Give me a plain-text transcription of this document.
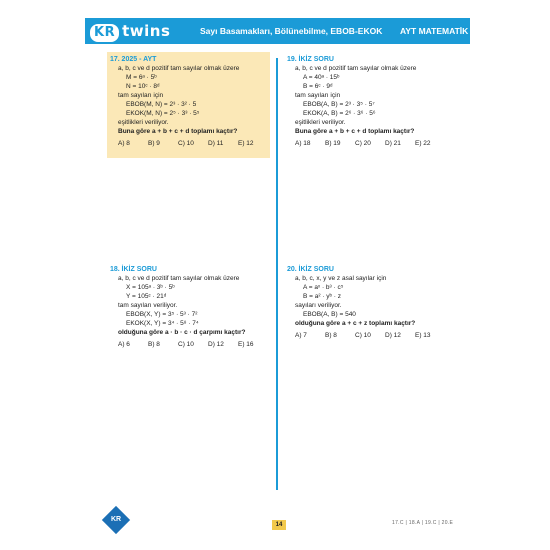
KR twins	Sayı Basamakları, Bölünebilme, EBOB-EKOK AYT MATEMATİK
17. 2025 - AYT
a, b, c ve d pozitif tam sayılar olmak üzere
M = 6ᵃ · 5ᵇ
N = 10ᶜ · 8ᵈ
tam sayıları için
EBOB(M, N) = 2³ · 3² · 5
EKOK(M, N) = 2⁵ · 3³ · 5⁵
eşitlikleri veriliyor.
Buna göre a + b + c + d toplamı kaçtır?
A) 8	B) 9	C) 10	D) 11	E) 12
19. İKİZ SORU
a, b, c ve d pozitif tam sayılar olmak üzere
A = 40ᵃ · 15ᵇ
B = 6ᶜ · 9ᵈ
tam sayıları için
EBOB(A, B) = 2³ · 3⁵ · 5⁷
EKOK(A, B) = 2⁶ · 3⁶ · 5⁶
eşitlikleri veriliyor.
Buna göre a + b + c + d toplamı kaçtır?
A) 18	B) 19	C) 20	D) 21	E) 22
18. İKİZ SORU
a, b, c ve d pozitif tam sayılar olmak üzere
X = 105ᵃ · 3ᵇ · 5ᵇ
Y = 105ᶜ · 21ᵈ
tam sayıları veriliyor.
EBOB(X, Y) = 3⁵ · 5³ · 7²
EKOK(X, Y) = 3⁴ · 5⁸ · 7⁴
olduğuna göre a · b · c · d çarpımı kaçtır?
A) 6	B) 8	C) 10	D) 12	E) 16
20. İKİZ SORU
a, b, c, x, y ve z asal sayılar için
A = aˣ · b³ · c⁵
B = a² · yᵇ · z
sayıları veriliyor.
EBOB(A, B) = 540
olduğuna göre a + c + z toplamı kaçtır?
A) 7	B) 8	C) 10	D) 12	E) 13
KR
14	17.C | 18.A | 19.C | 20.E
